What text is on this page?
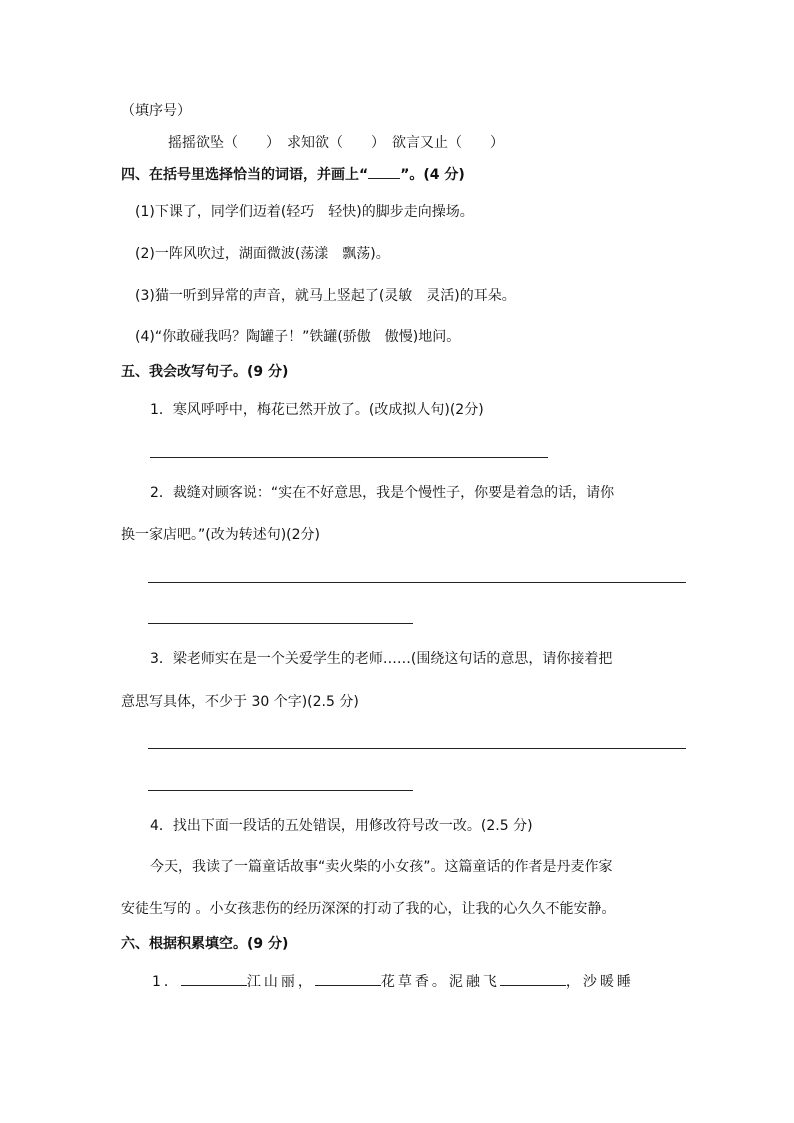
（填序号）
摇摇欲坠（　　）　求知欲（　　）　欲言又止（　　）
四、在括号里选择恰当的词语，并画上“ ”。(4 分)
(1)下课了，同学们迈着(轻巧　轻快)的脚步走向操场。
(2)一阵风吹过，湖面微波(荡漾　飘荡)。
(3)猫一听到异常的声音，就马上竖起了(灵敏　灵活)的耳朵。
(4)“你敢碰我吗？陶罐子！”铁罐(骄傲　傲慢)地问。
五、我会改写句子。(9 分)
1．寒风呼呼中，梅花已然开放了。(改成拟人句)(2分)
2．裁缝对顾客说：“实在不好意思，我是个慢性子，你要是着急的话，请你
换一家店吧。”(改为转述句)(2分)
3．梁老师实在是一个关爱学生的老师……(围绕这句话的意思，请你接着把
意思写具体，不少于 30 个字)(2.5 分)
4．找出下面一段话的五处错误，用修改符号改一改。(2.5 分)
今天，我读了一篇童话故事“卖火柴的小女孩”。这篇童话的作者是丹麦作家
安徒生写的 。小女孩悲伤的经历深深的打动了我的心，让我的心久久不能安静。
六、根据积累填空。(9 分)
1．	江山丽，	花草香。泥融飞	，沙暖睡
